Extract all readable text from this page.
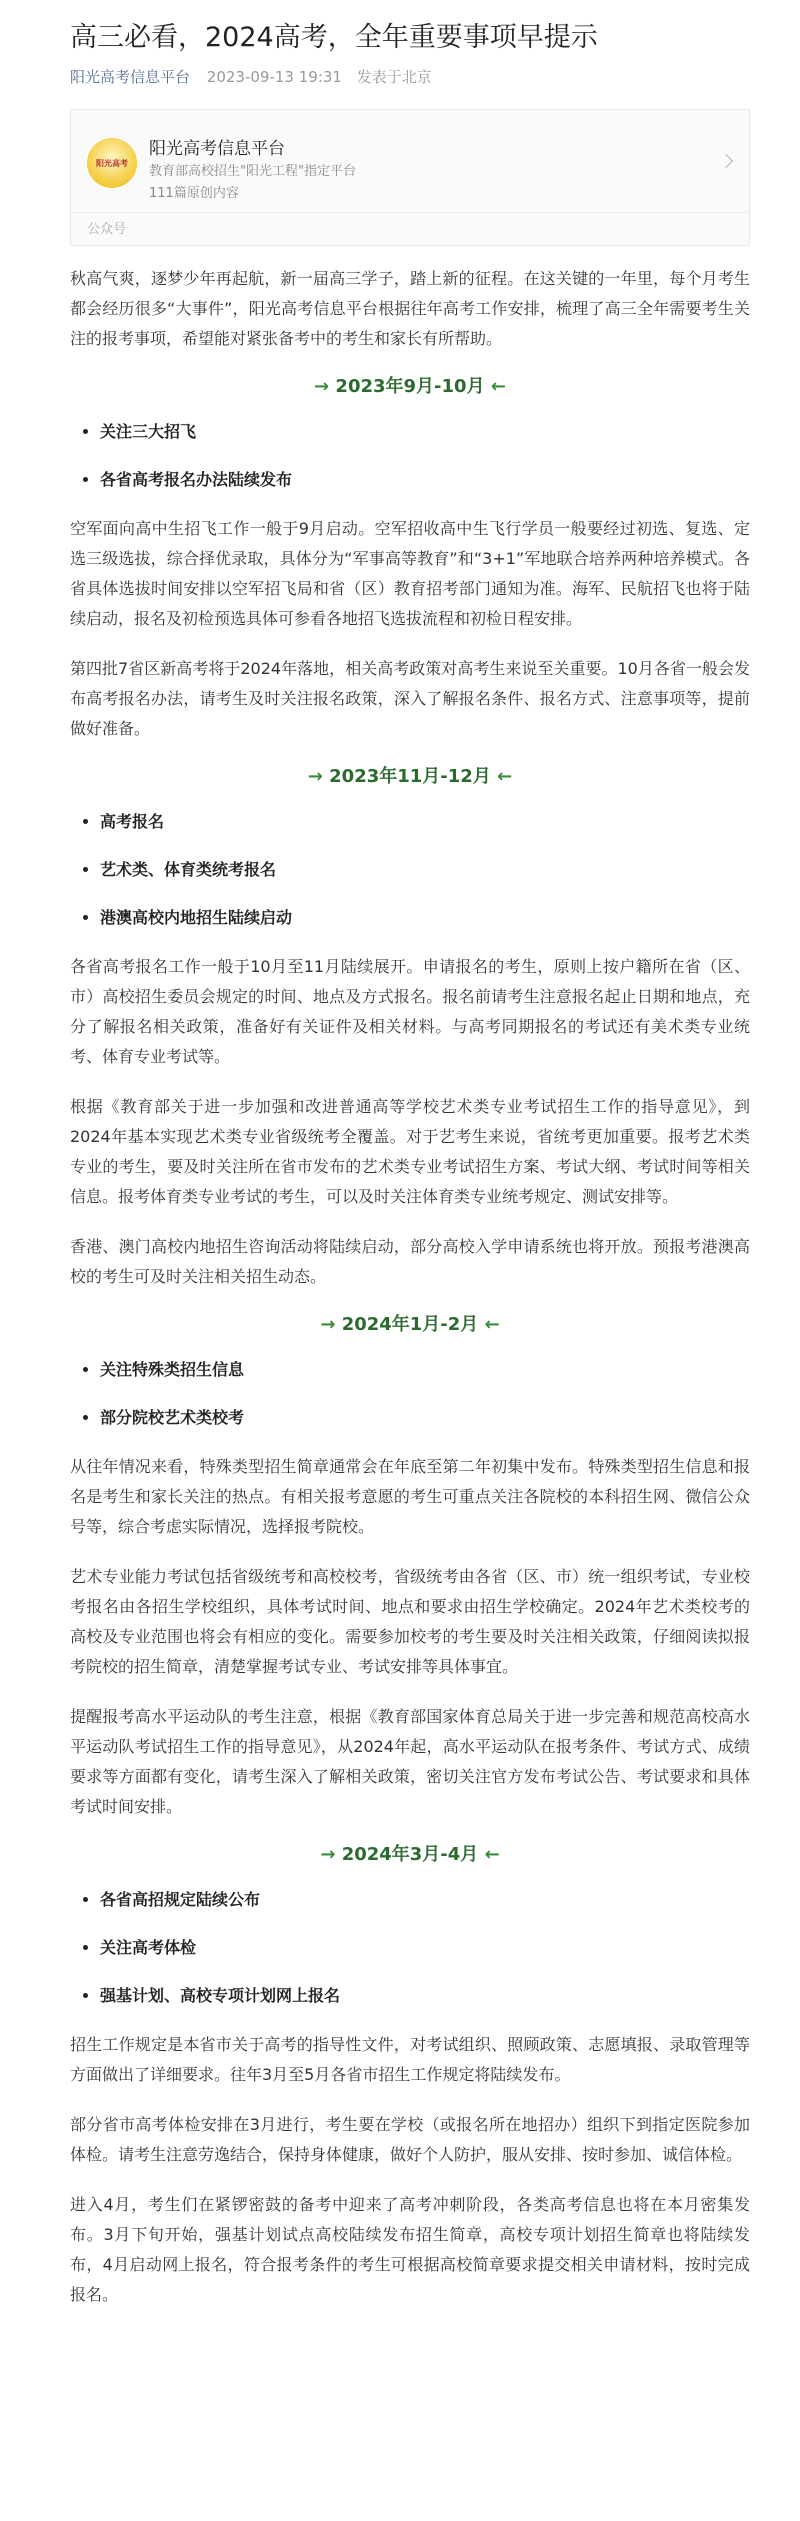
高三必看，2024高考，全年重要事项早提示
阳光高考信息平台 2023-09-13 19:31 发表于北京
阳光高考
阳光高考信息平台
教育部高校招生"阳光工程"指定平台
111篇原创内容
公众号

秋高气爽，逐梦少年再起航，新一届高三学子，踏上新的征程。在这关键的一年里，每个月考生都会经历很多“大事件”，阳光高考信息平台根据往年高考工作安排，梳理了高三全年需要考生关注的报考事项，希望能对紧张备考中的考生和家长有所帮助。

→ 2023年9月-10月 ←
• 关注三大招飞
• 各省高考报名办法陆续发布

空军面向高中生招飞工作一般于9月启动。空军招收高中生飞行学员一般要经过初选、复选、定选三级选拔，综合择优录取，具体分为“军事高等教育”和“3+1”军地联合培养两种培养模式。各省具体选拔时间安排以空军招飞局和省（区）教育招考部门通知为准。海军、民航招飞也将于陆续启动，报名及初检预选具体可参看各地招飞选拔流程和初检日程安排。

第四批7省区新高考将于2024年落地，相关高考政策对高考生来说至关重要。10月各省一般会发布高考报名办法，请考生及时关注报名政策，深入了解报名条件、报名方式、注意事项等，提前做好准备。

→ 2023年11月-12月 ←
• 高考报名
• 艺术类、体育类统考报名
• 港澳高校内地招生陆续启动

各省高考报名工作一般于10月至11月陆续展开。申请报名的考生，原则上按户籍所在省（区、市）高校招生委员会规定的时间、地点及方式报名。报名前请考生注意报名起止日期和地点，充分了解报名相关政策，准备好有关证件及相关材料。与高考同期报名的考试还有美术类专业统考、体育专业考试等。

根据《教育部关于进一步加强和改进普通高等学校艺术类专业考试招生工作的指导意见》，到2024年基本实现艺术类专业省级统考全覆盖。对于艺考生来说，省统考更加重要。报考艺术类专业的考生，要及时关注所在省市发布的艺术类专业考试招生方案、考试大纲、考试时间等相关信息。报考体育类专业考试的考生，可以及时关注体育类专业统考规定、测试安排等。

香港、澳门高校内地招生咨询活动将陆续启动，部分高校入学申请系统也将开放。预报考港澳高校的考生可及时关注相关招生动态。

→ 2024年1月-2月 ←
• 关注特殊类招生信息
• 部分院校艺术类校考

从往年情况来看，特殊类型招生简章通常会在年底至第二年初集中发布。特殊类型招生信息和报名是考生和家长关注的热点。有相关报考意愿的考生可重点关注各院校的本科招生网、微信公众号等，综合考虑实际情况，选择报考院校。

艺术专业能力考试包括省级统考和高校校考，省级统考由各省（区、市）统一组织考试，专业校考报名由各招生学校组织，具体考试时间、地点和要求由招生学校确定。2024年艺术类校考的高校及专业范围也将会有相应的变化。需要参加校考的考生要及时关注相关政策，仔细阅读拟报考院校的招生简章，清楚掌握考试专业、考试安排等具体事宜。

提醒报考高水平运动队的考生注意，根据《教育部国家体育总局关于进一步完善和规范高校高水平运动队考试招生工作的指导意见》，从2024年起，高水平运动队在报考条件、考试方式、成绩要求等方面都有变化，请考生深入了解相关政策，密切关注官方发布考试公告、考试要求和具体考试时间安排。

→ 2024年3月-4月 ←
• 各省高招规定陆续公布
• 关注高考体检
• 强基计划、高校专项计划网上报名

招生工作规定是本省市关于高考的指导性文件，对考试组织、照顾政策、志愿填报、录取管理等方面做出了详细要求。往年3月至5月各省市招生工作规定将陆续发布。

部分省市高考体检安排在3月进行，考生要在学校（或报名所在地招办）组织下到指定医院参加体检。请考生注意劳逸结合，保持身体健康，做好个人防护，服从安排、按时参加、诚信体检。

进入4月，考生们在紧锣密鼓的备考中迎来了高考冲刺阶段，各类高考信息也将在本月密集发布。3月下旬开始，强基计划试点高校陆续发布招生简章，高校专项计划招生简章也将陆续发布，4月启动网上报名，符合报考条件的考生可根据高校简章要求提交相关申请材料，按时完成报名。
